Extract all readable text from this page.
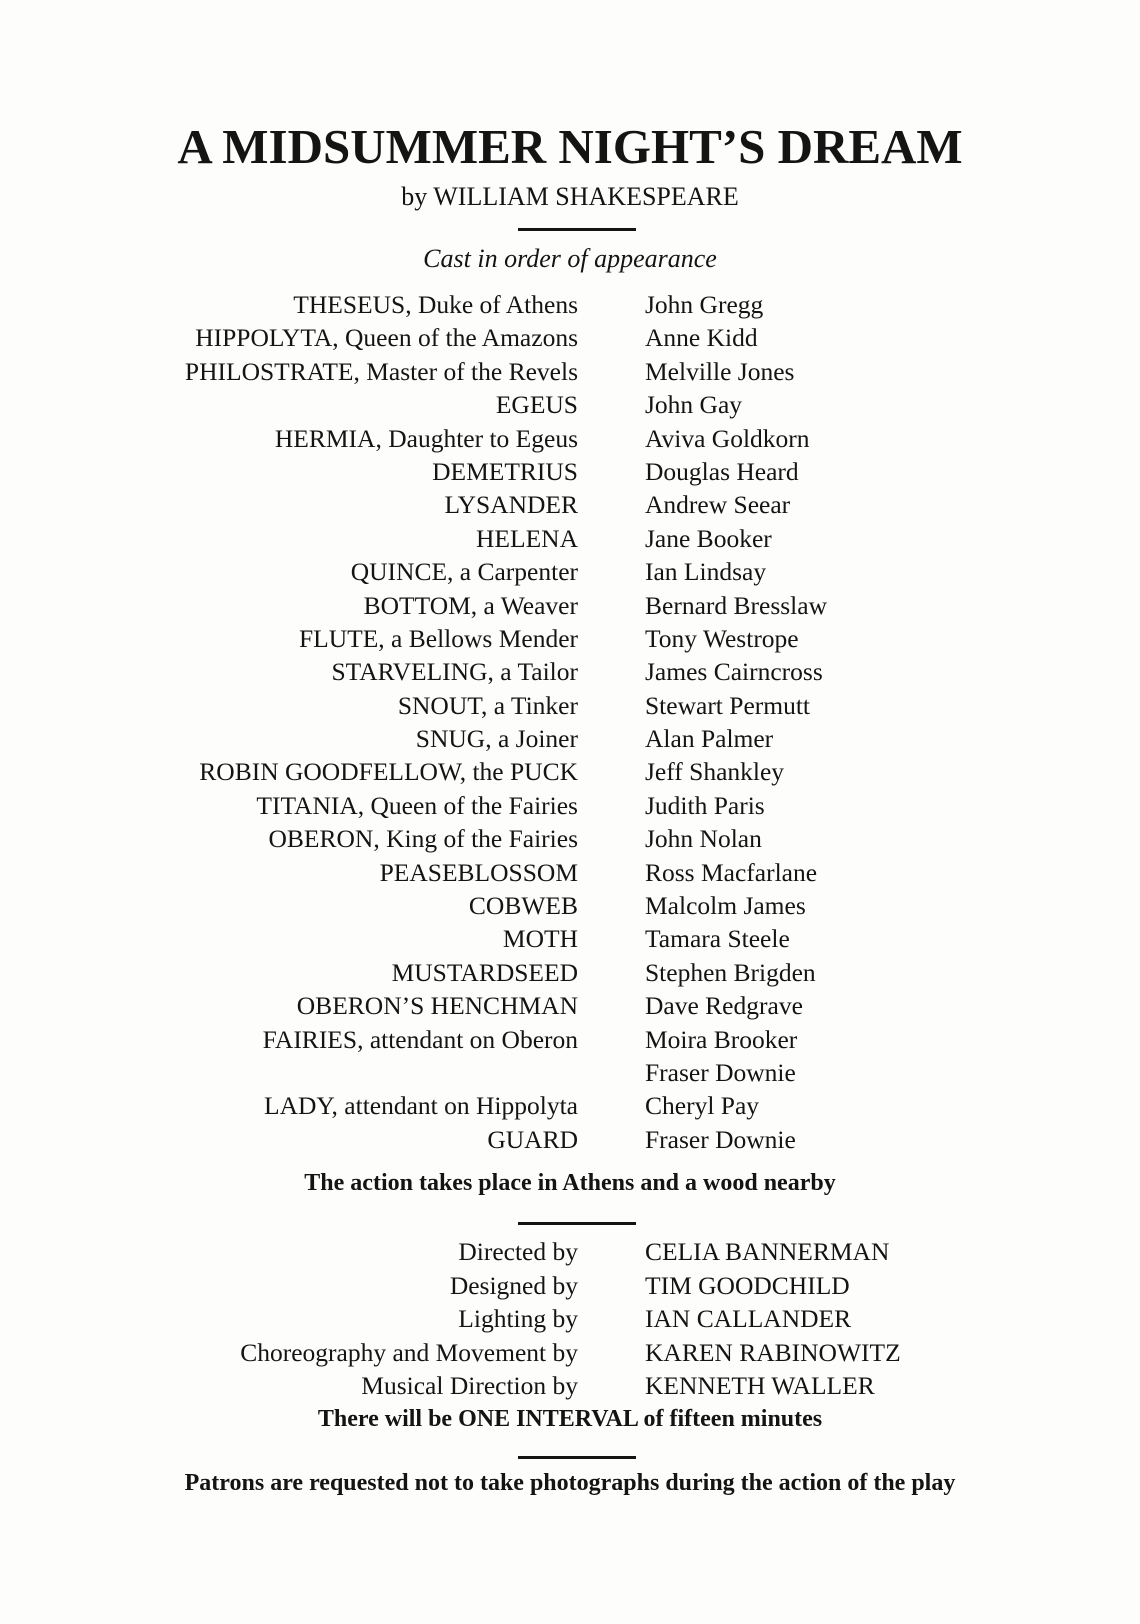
A MIDSUMMER NIGHT’S DREAM

by WILLIAM SHAKESPEARE

Cast in order of appearance

THESEUS, Duke of Athens	John Gregg
HIPPOLYTA, Queen of the Amazons	Anne Kidd
PHILOSTRATE, Master of the Revels	Melville Jones
EGEUS	John Gay
HERMIA, Daughter to Egeus	Aviva Goldkorn
DEMETRIUS	Douglas Heard
LYSANDER	Andrew Seear
HELENA	Jane Booker
QUINCE, a Carpenter	Ian Lindsay
BOTTOM, a Weaver	Bernard Bresslaw
FLUTE, a Bellows Mender	Tony Westrope
STARVELING, a Tailor	James Cairncross
SNOUT, a Tinker	Stewart Permutt
SNUG, a Joiner	Alan Palmer
ROBIN GOODFELLOW, the PUCK	Jeff Shankley
TITANIA, Queen of the Fairies	Judith Paris
OBERON, King of the Fairies	John Nolan
PEASEBLOSSOM	Ross Macfarlane
COBWEB	Malcolm James
MOTH	Tamara Steele
MUSTARDSEED	Stephen Brigden
OBERON’S HENCHMAN	Dave Redgrave
FAIRIES, attendant on Oberon	Moira Brooker
Fraser Downie
LADY, attendant on Hippolyta	Cheryl Pay
GUARD	Fraser Downie

The action takes place in Athens and a wood nearby

Directed by	CELIA BANNERMAN
Designed by	TIM GOODCHILD
Lighting by	IAN CALLANDER
Choreography and Movement by	KAREN RABINOWITZ
Musical Direction by	KENNETH WALLER

There will be ONE INTERVAL of fifteen minutes

Patrons are requested not to take photographs during the action of the play
